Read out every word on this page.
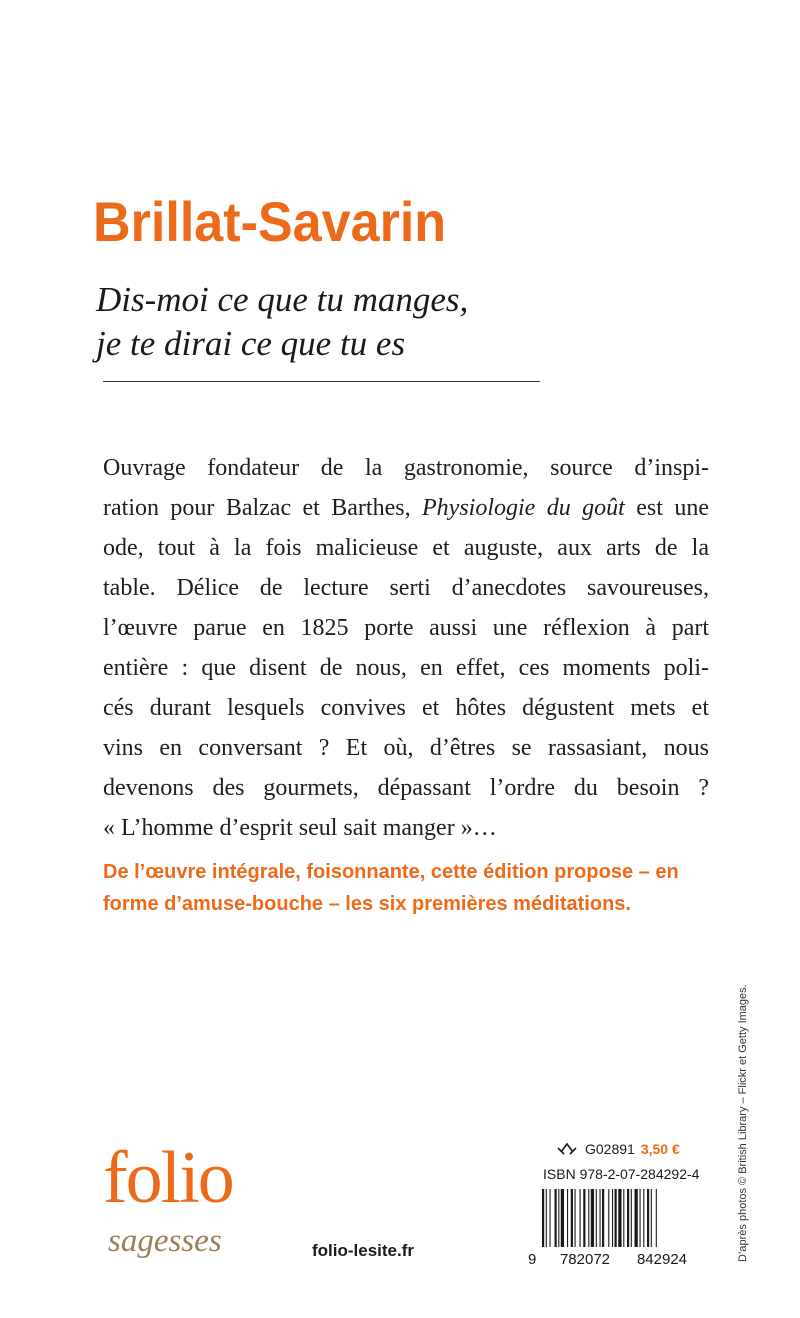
Brillat-Savarin
Dis-moi ce que tu manges,
je te dirai ce que tu es
Ouvrage fondateur de la gastronomie, source d’inspi-
ration pour Balzac et Barthes, Physiologie du goût est une
ode, tout à la fois malicieuse et auguste, aux arts de la
table. Délice de lecture serti d’anecdotes savoureuses,
l’œuvre parue en 1825 porte aussi une réflexion à part
entière : que disent de nous, en effet, ces moments poli-
cés durant lesquels convives et hôtes dégustent mets et
vins en conversant ? Et où, d’êtres se rassasiant, nous
devenons des gourmets, dépassant l’ordre du besoin ?
« L’homme d’esprit seul sait manger »…
De l’œuvre intégrale, foisonnante, cette édition propose – en
forme d’amuse-bouche – les six premières méditations.
D’après photos © British Library – Flickr et Getty Images.
folio
sagesses	folio-lesite.fr
G02891 3,50 €
ISBN 978-2-07-284292-4
9 782072 842924
